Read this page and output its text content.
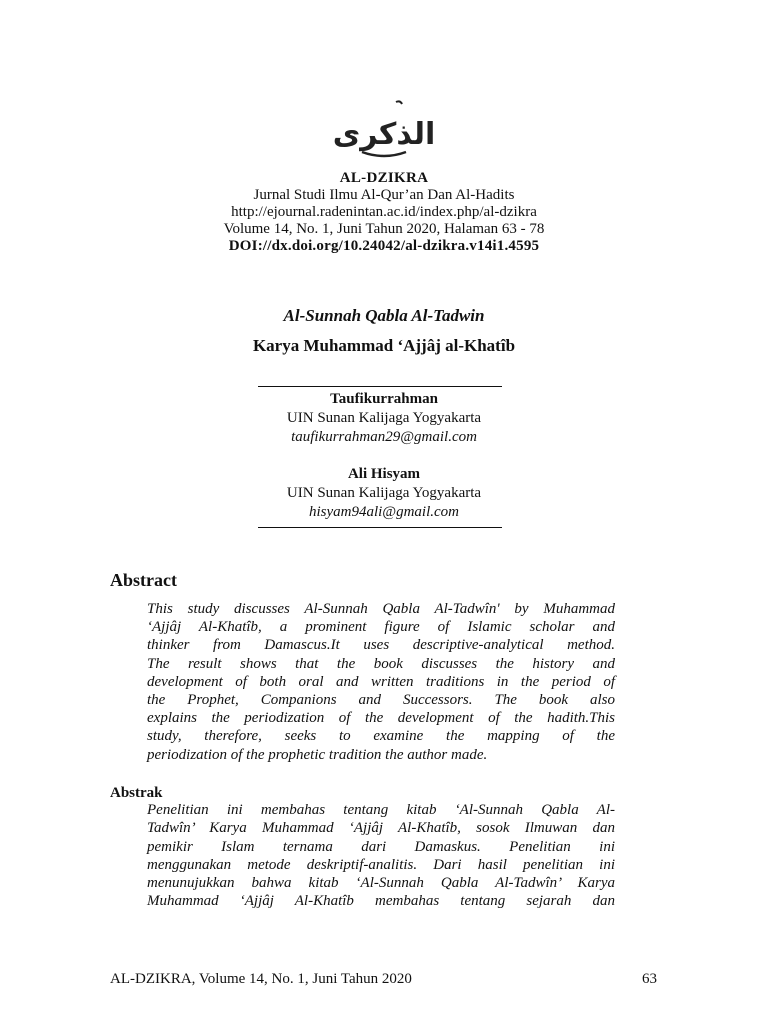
الذكرى
AL-DZIKRA
Jurnal Studi Ilmu Al-Qur’an Dan Al-Hadits
http://ejournal.radenintan.ac.id/index.php/al-dzikra
Volume 14, No. 1, Juni Tahun 2020, Halaman 63 - 78
DOI://dx.doi.org/10.24042/al-dzikra.v14i1.4595
Al-Sunnah Qabla Al-Tadwin
Karya Muhammad ‘Ajjâj al-Khatîb
Taufikurrahman
UIN Sunan Kalijaga Yogyakarta
taufikurrahman29@gmail.com
Ali Hisyam
UIN Sunan Kalijaga Yogyakarta
hisyam94ali@gmail.com
Abstract
This study discusses Al-Sunnah Qabla Al-Tadwîn' by Muhammad
‘Ajjâj Al-Khatîb, a prominent figure of Islamic scholar and
thinker from Damascus.It uses descriptive-analytical method.
The result shows that the book discusses the history and
development of both oral and written traditions in the period of
the Prophet, Companions and Successors. The book also
explains the periodization of the development of the hadith.This
study, therefore, seeks to examine the mapping of the
periodization of the prophetic tradition the author made.
Abstrak
Penelitian ini membahas tentang kitab ‘Al-Sunnah Qabla Al-
Tadwîn’ Karya Muhammad ‘Ajjâj Al-Khatîb, sosok Ilmuwan dan
pemikir Islam ternama dari Damaskus. Penelitian ini
menggunakan metode deskriptif-analitis. Dari hasil penelitian ini
menunujukkan bahwa kitab ‘Al-Sunnah Qabla Al-Tadwîn’ Karya
Muhammad ‘Ajjâj Al-Khatîb membahas tentang sejarah dan
AL-DZIKRA, Volume 14, No. 1, Juni Tahun 2020	63
